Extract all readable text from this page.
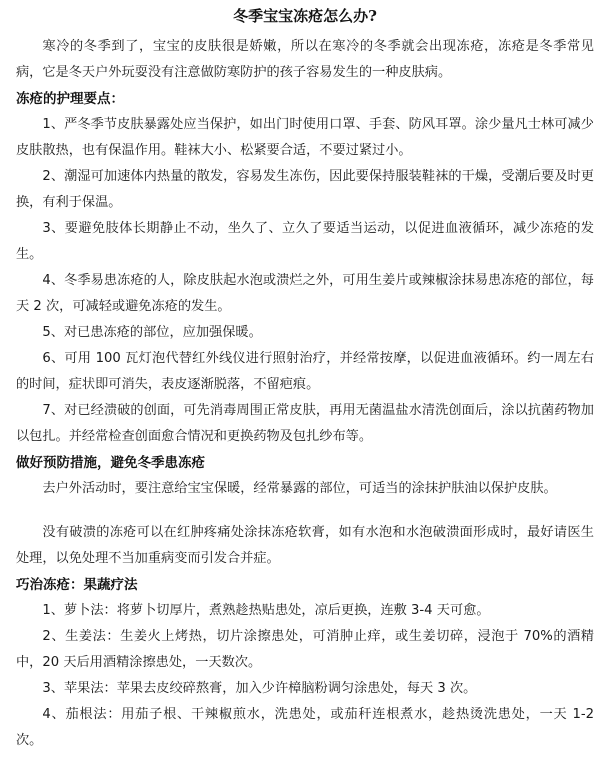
冬季宝宝冻疮怎么办?

寒冷的冬季到了，宝宝的皮肤很是娇嫩，所以在寒冷的冬季就会出现冻疮，冻疮是冬季常见病，它是冬天户外玩耍没有注意做防寒防护的孩子容易发生的一种皮肤病。

冻疮的护理要点：

1、严冬季节皮肤暴露处应当保护，如出门时使用口罩、手套、防风耳罩。涂少量凡士林可减少皮肤散热，也有保温作用。鞋袜大小、松紧要合适，不要过紧过小。

2、潮湿可加速体内热量的散发，容易发生冻伤，因此要保持服装鞋袜的干燥，受潮后要及时更换，有利于保温。

3、要避免肢体长期静止不动，坐久了、立久了要适当运动，以促进血液循环，减少冻疮的发生。

4、冬季易患冻疮的人，除皮肤起水泡或溃烂之外，可用生姜片或辣椒涂抹易患冻疮的部位，每天 2 次，可减轻或避免冻疮的发生。

5、对已患冻疮的部位，应加强保暖。

6、可用 100 瓦灯泡代替红外线仪进行照射治疗，并经常按摩，以促进血液循环。约一周左右的时间，症状即可消失，表皮逐渐脱落，不留疤痕。

7、对已经溃破的创面，可先消毒周围正常皮肤，再用无菌温盐水清洗创面后，涂以抗菌药物加以包扎。并经常检查创面愈合情况和更换药物及包扎纱布等。

做好预防措施，避免冬季患冻疮

去户外活动时，要注意给宝宝保暖，经常暴露的部位，可适当的涂抹护肤油以保护皮肤。

没有破溃的冻疮可以在红肿疼痛处涂抹冻疮软膏，如有水泡和水泡破溃面形成时，最好请医生处理，以免处理不当加重病变而引发合并症。

巧治冻疮：果蔬疗法

1、萝卜法：将萝卜切厚片，煮熟趁热贴患处，凉后更换，连敷 3-4 天可愈。

2、生姜法：生姜火上烤热，切片涂擦患处，可消肿止痒，或生姜切碎，浸泡于 70%的酒精中，20 天后用酒精涂擦患处，一天数次。

3、苹果法：苹果去皮绞碎熬膏，加入少许樟脑粉调匀涂患处，每天 3 次。

4、茄根法：用茄子根、干辣椒煎水，洗患处，或茄秆连根煮水，趁热烫洗患处，一天 1-2 次。
